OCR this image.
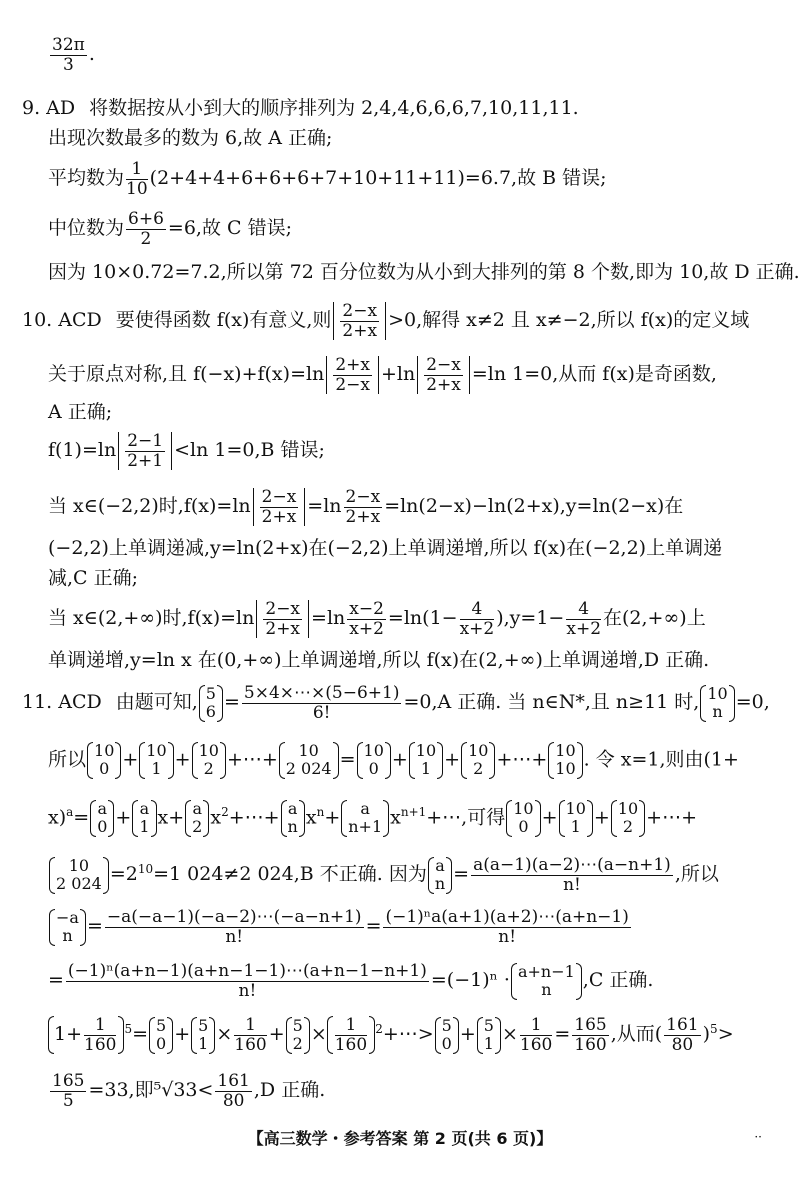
$\frac{32\pi}{3}$ .
9. AD 将数据按从小到大的顺序排列为 2,4,4,6,6,6,7,10,11,11.
出现次数最多的数为 6,故 A 正确;
平均数为 $\frac{1}{10} (2+4+4+6+6+6+7+10+11+11)=6.7$,故 B 错误;
中位数为 $\frac{6+6}{2} =6$,故 C 错误;
因为 10×0.72=7.2,所以第 72 百分位数为从小到大排列的第 8 个数,即为 10,故 D 正确.
10. ACD 要使得函数 f(x)有意义,则 $\frac{2-x}{2+x} >0$,解得 x≠2 且 x≠−2,所以 f(x)的定义域
关于原点对称,且 $f(-x)+f(x)=\ln \frac{2+x}{2-x} +\ln \frac{2-x}{2+x} =\ln$ 1=0,从而 f(x)是奇函数,
A 正确;
$f(1)=\ln \frac{2-1}{2+1} <\ln$ 1=0,B 错误;
当 x∈(−2,2)时$,f(x)=\ln \frac{2-x}{2+x} =\ln \frac{2-x}{2+x} =\ln(2-x)-\ln(2+x),y=\ln(2-x)$在
(−2,2)上单调递减,y=ln(2+x)在(−2,2)上单调递增,所以 f(x)在(−2,2)上单调递
减,C 正确;
当 x∈(2,+∞)时$,f(x)=\ln \frac{2-x}{2+x} =\ln \frac{x-2}{x+2} =\ln(1- \frac{4}{x+2} ),y=1- \frac{4}{x+2}$ 在(2,+∞)上
单调递增,y=ln x 在(0,+∞)上单调递增,所以 f(x)在(2,+∞)上单调递增,D 正确.
11. ACD 由题可知, 5
$6 = \frac{5\times 4\times\cdots\times(5-6+1)}{6!} =0,A$ 正确. 当 n∈N*,且 n≥11 时, 10
n =0,
所以 10
0 + 10
1 + 10
2 +⋯+	10
2 024 = 10
0 + 10
1 + 10
2 +⋯+ 10
10 . 令 x=1,则由(1+
x)$^a$= a
0 + a
1 x+ a
2 $x^2+\cdots+ a$
n $x^n+$	a
n+1 $x^{n+1}+\cdots$,可得 10
0 + 10
1 + 10
2 +⋯+
10
2 $024 =2^{10}=1$ 024≠2 024,B 不正确. 因为 a
$n = \frac{a(a-1)(a-2)\cdots(a-n+1)}{n!}$ ,所以
−a
$n = \frac{-a(-a-1)(-a-2)\cdots(-a-n+1)}{n!} = \frac{\text{(−1)ⁿa(a+1)(a+2)⋯(a+n−1)}}{n!}$
= $\frac{\text{(−1)ⁿ(a+n−1)(a+n−1−1)⋯(a+n−1−n+1)}}{n!} =(-1)^n \cdot a+n-1$
n	,C 正确.
$1+ \frac{1}{160} ^5= 5$
0 + 5
$1 \times \frac{1}{160} + 5$
$2 \times \frac{1}{160}$ $^2$+⋯> 5
0 + 5
$1 \times \frac{1}{160} = \frac{165}{160}$ ,从而( $\frac{161}{80} )^5>$
$\frac{165}{5} =33$,即$^5√33< \frac{161}{80} ,D$ 正确.
【高三数学・参考答案 第 2 页(共 6 页)】	··
